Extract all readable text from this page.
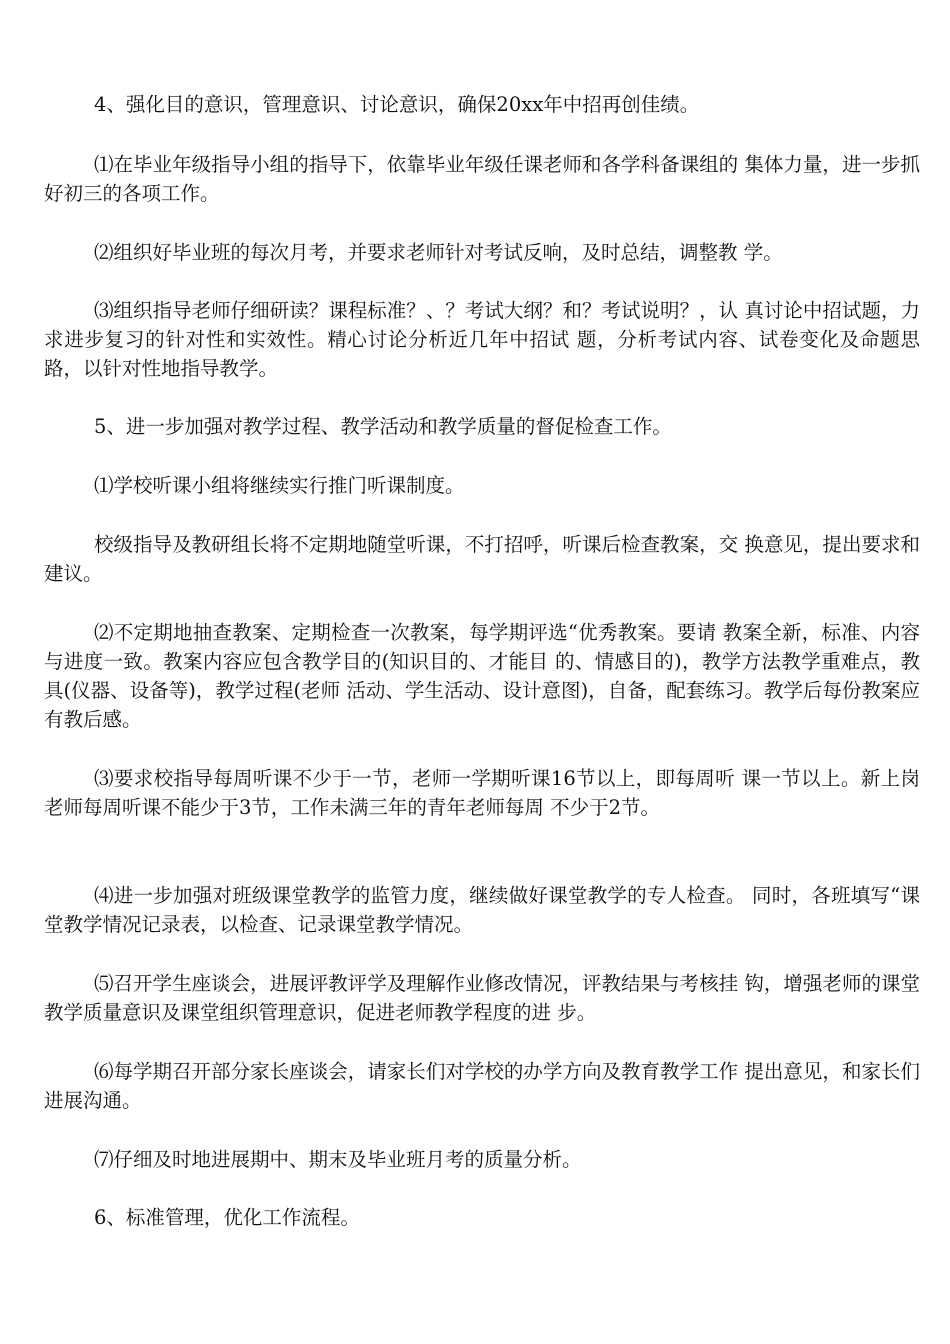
4、强化目的意识，管理意识、讨论意识，确保20xx年中招再创佳绩。

⑴在毕业年级指导小组的指导下，依靠毕业年级任课老师和各学科备课组的 集体力量，进一步抓好初三的各项工作。

⑵组织好毕业班的每次月考，并要求老师针对考试反响，及时总结，调整教 学。

⑶组织指导老师仔细研读？课程标准？、？考试大纲？和？考试说明？，认 真讨论中招试题，力求进步复习的针对性和实效性。精心讨论分析近几年中招试 题，分析考试内容、试卷变化及命题思路，以针对性地指导教学。

5、进一步加强对教学过程、教学活动和教学质量的督促检查工作。

⑴学校听课小组将继续实行推门听课制度。

校级指导及教研组长将不定期地随堂听课，不打招呼，听课后检查教案，交 换意见，提出要求和建议。

⑵不定期地抽查教案、定期检查一次教案，每学期评选“优秀教案。要请 教案全新，标准、内容与进度一致。教案内容应包含教学目的(知识目的、才能目 的、情感目的)，教学方法教学重难点，教具(仪器、设备等)，教学过程(老师 活动、学生活动、设计意图)，自备，配套练习。教学后每份教案应有教后感。

⑶要求校指导每周听课不少于一节，老师一学期听课16节以上，即每周听 课一节以上。新上岗老师每周听课不能少于3节，工作未满三年的青年老师每周 不少于2节。

⑷进一步加强对班级课堂教学的监管力度，继续做好课堂教学的专人检查。 同时，各班填写“课堂教学情况记录表，以检查、记录课堂教学情况。

⑸召开学生座谈会，进展评教评学及理解作业修改情况，评教结果与考核挂 钩，增强老师的课堂教学质量意识及课堂组织管理意识，促进老师教学程度的进 步。

⑹每学期召开部分家长座谈会，请家长们对学校的办学方向及教育教学工作 提出意见，和家长们进展沟通。

⑺仔细及时地进展期中、期末及毕业班月考的质量分析。

6、标准管理，优化工作流程。
